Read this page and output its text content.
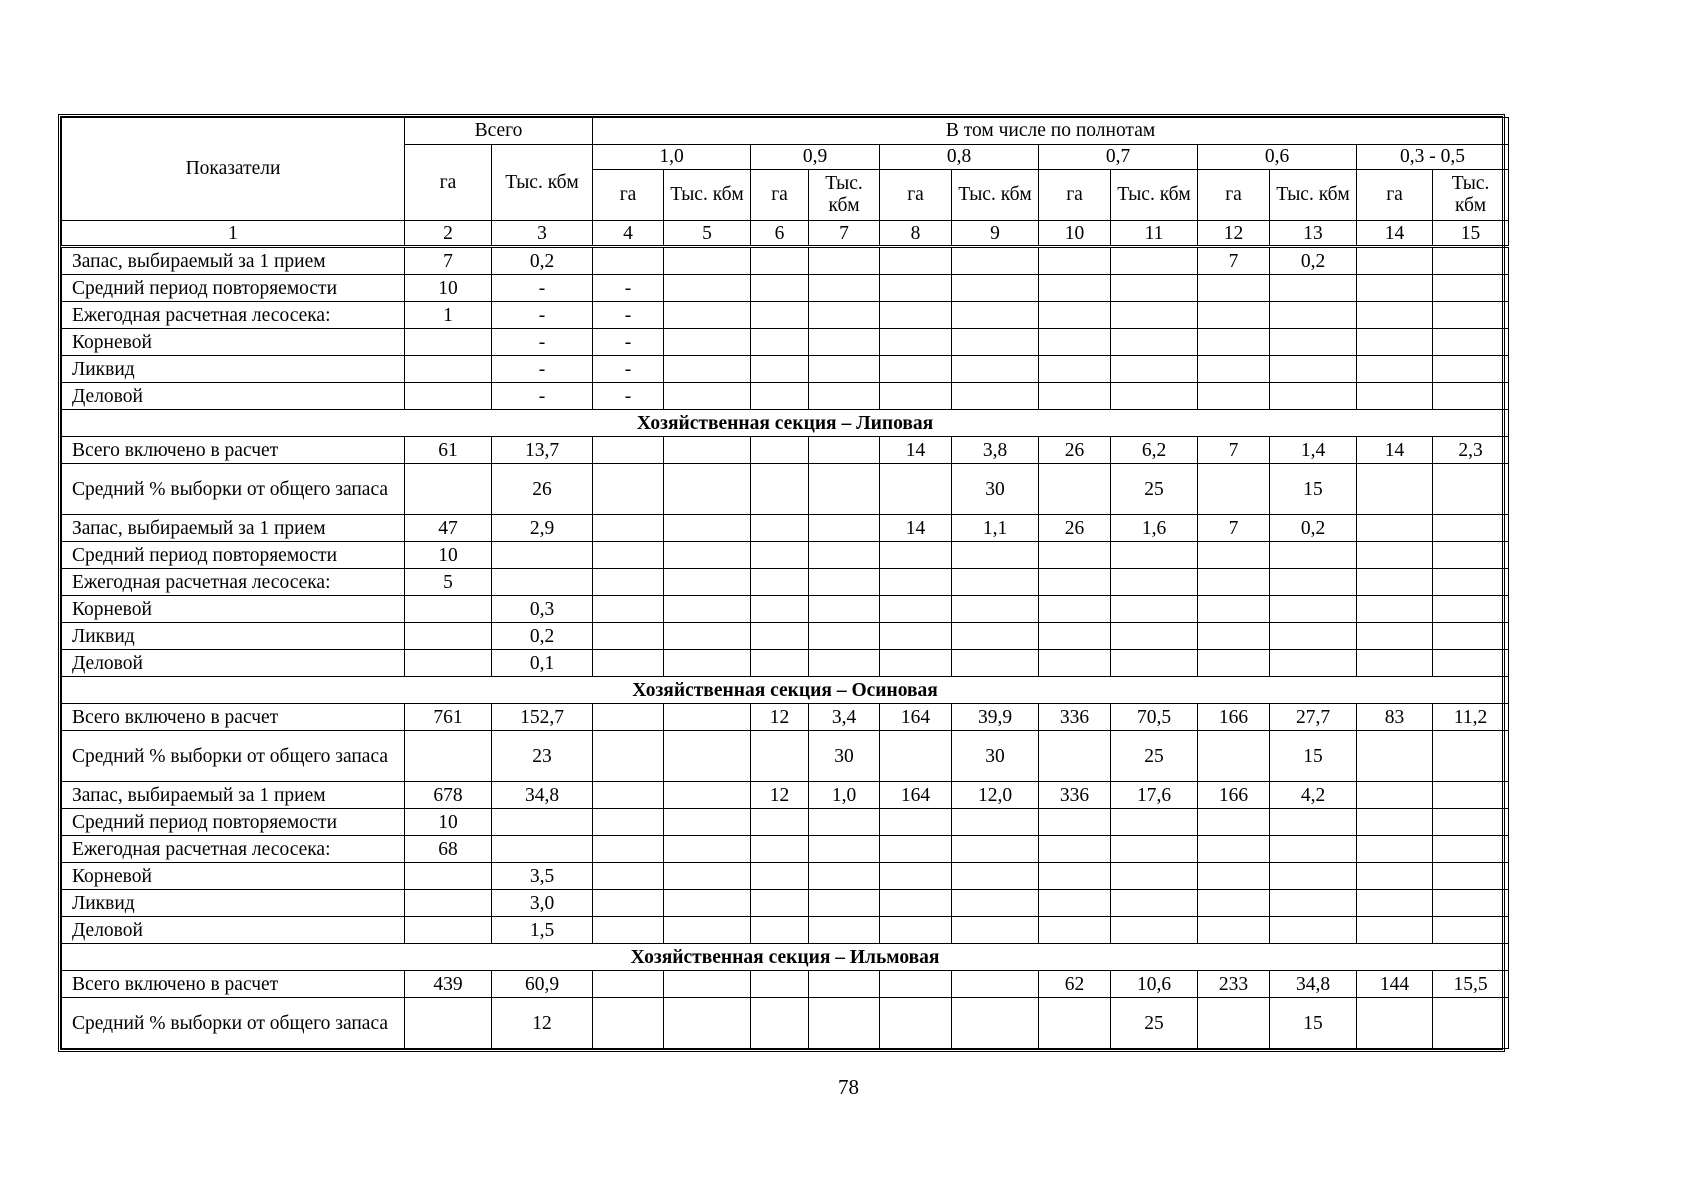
Показатели	Всего		В том числе по полнотам											
	га	Тыс. кбм	1,0		0,9		0,8		0,7		0,6		0,3 - 0,5	
			га	Тыс. кбм	га	Тыс. кбм	га	Тыс. кбм	га	Тыс. кбм	га	Тыс. кбм	га	Тыс. кбм
1	2	3	4	5	6	7	8	9	10	11	12	13	14	15
Запас, выбираемый за 1 прием	7	0,2									7	0,2		
Средний период повторяемости	10	-	-											
Ежегодная расчетная лесосека:	1	-	-											
Корневой		-	-											
Ликвид		-	-											
Деловой		-	-											
Хозяйственная секция – Липовая														
Всего включено в расчет	61	13,7					14	3,8	26	6,2	7	1,4	14	2,3
Средний % выборки от общего запаса		26						30		25		15		
Запас, выбираемый за 1 прием	47	2,9					14	1,1	26	1,6	7	0,2		
Средний период повторяемости	10													
Ежегодная расчетная лесосека:	5													
Корневой		0,3												
Ликвид		0,2												
Деловой		0,1												
Хозяйственная секция – Осиновая														
Всего включено в расчет	761	152,7			12	3,4	164	39,9	336	70,5	166	27,7	83	11,2
Средний % выборки от общего запаса		23				30		30		25		15		
Запас, выбираемый за 1 прием	678	34,8			12	1,0	164	12,0	336	17,6	166	4,2		
Средний период повторяемости	10													
Ежегодная расчетная лесосека:	68													
Корневой		3,5												
Ликвид		3,0												
Деловой		1,5												
Хозяйственная секция – Ильмовая														
Всего включено в расчет	439	60,9							62	10,6	233	34,8	144	15,5
Средний % выборки от общего запаса		12								25		15		
78
